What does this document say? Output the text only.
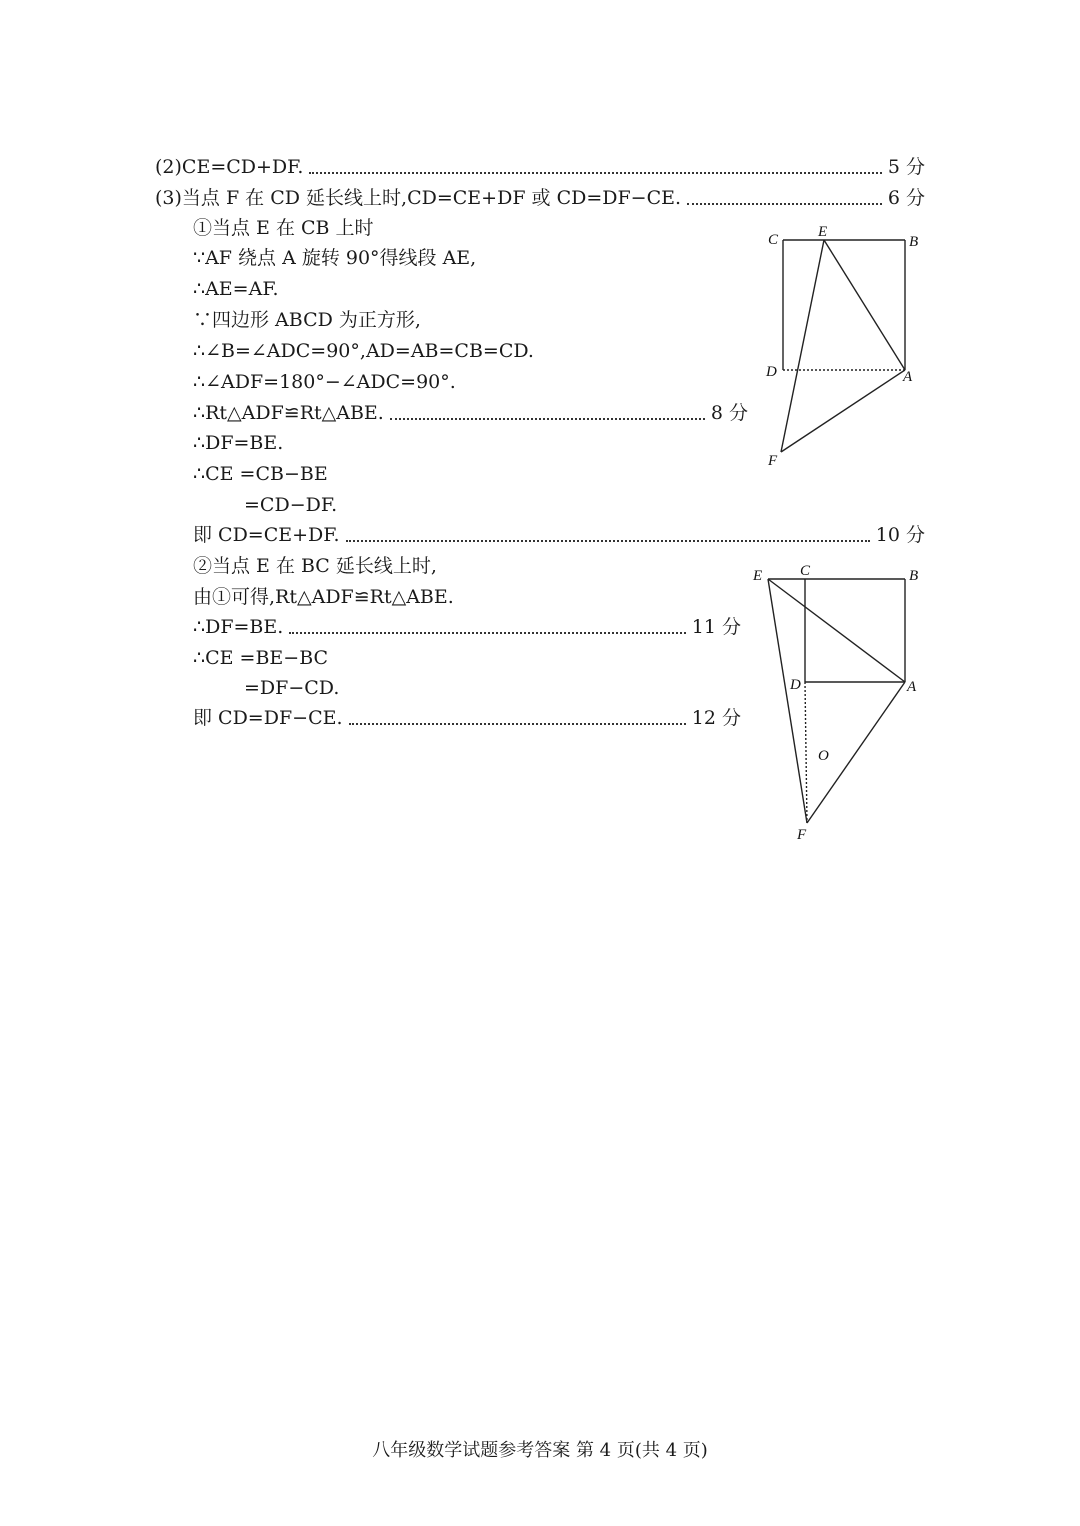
(2)CE=CD+DF.	5 分
(3)当点 F 在 CD 延长线上时,CD=CE+DF 或 CD=DF−CE.	6 分
①当点 E 在 CB 上时
∵AF 绕点 A 旋转 90°得线段 AE,
∴AE=AF.
∵四边形 ABCD 为正方形,
∴∠B=∠ADC=90°,AD=AB=CB=CD.
∴∠ADF=180°−∠ADC=90°.
∴Rt△ADF≌Rt△ABE.	8 分
∴DF=BE.
∴CE =CB−BE
=CD−DF.
即 CD=CE+DF.	10 分
②当点 E 在 BC 延长线上时,
由①可得,Rt△ADF≌Rt△ABE.
∴DF=BE.	11 分
∴CE =BE−BC
=DF−CD.
即 CD=DF−CE.	12 分
C	E
B
D	A
F
E	C	B
D	A
O
F
八年级数学试题参考答案 第 4 页(共 4 页)
